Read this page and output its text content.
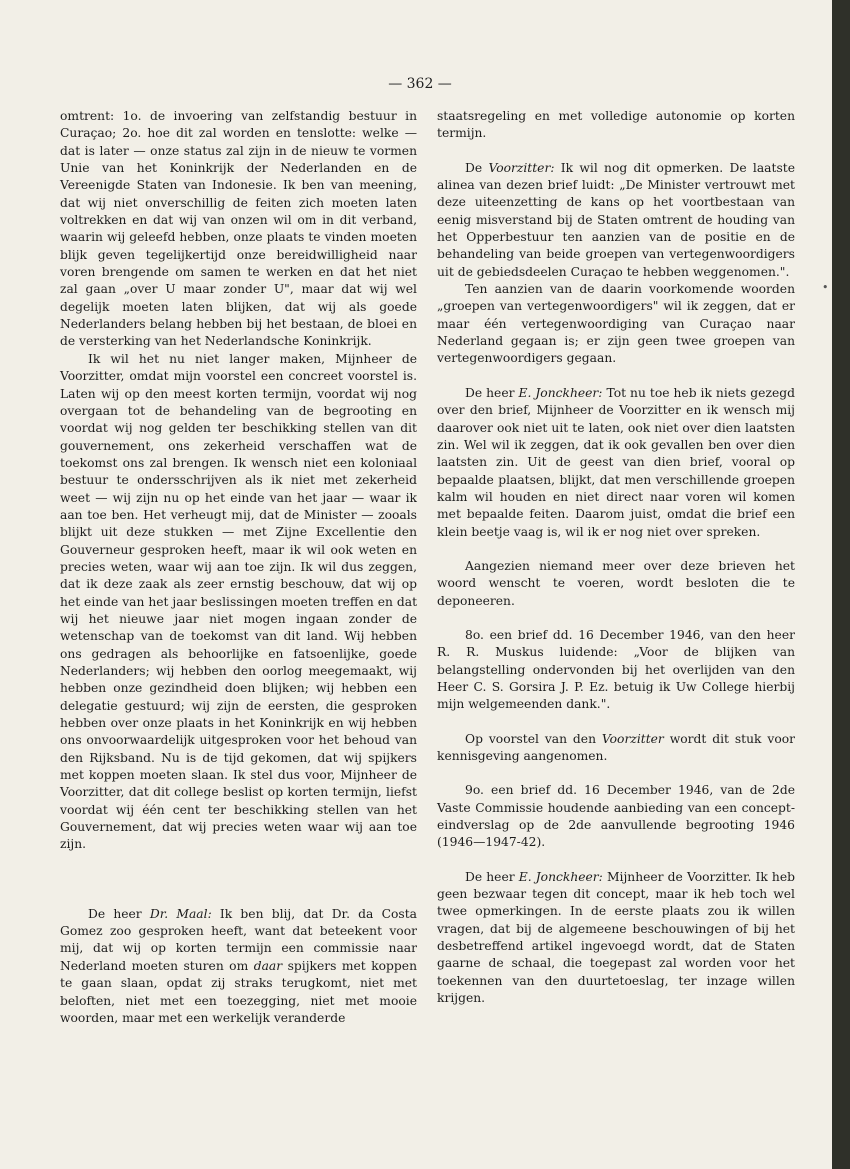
— 362 —

omtrent: 1o. de invoering van zelfstandig bestuur in Curaçao; 2o. hoe dit zal worden en tenslotte: welke — dat is later — onze status zal zijn in de nieuw te vormen Unie van het Koninkrijk der Nederlanden en de Vereenigde Staten van Indonesie. Ik ben van meening, dat wij niet onverschillig de feiten zich moeten laten voltrekken en dat wij van onzen wil om in dit verband, waarin wij geleefd hebben, onze plaats te vinden moeten blijk geven tegelijkertijd onze bereidwilligheid naar voren brengende om samen te werken en dat het niet zal gaan „over U maar zonder U", maar dat wij wel degelijk moeten laten blijken, dat wij als goede Nederlanders belang hebben bij het bestaan, de bloei en de versterking van het Nederlandsche Koninkrijk.

Ik wil het nu niet langer maken, Mijnheer de Voorzitter, omdat mijn voorstel een concreet voorstel is. Laten wij op den meest korten termijn, voordat wij nog overgaan tot de behandeling van de begrooting en voordat wij nog gelden ter beschikking stellen van dit gouvernement, ons zekerheid verschaffen wat de toekomst ons zal brengen. Ik wensch niet een koloniaal bestuur te ondersschrijven als ik niet met zekerheid weet — wij zijn nu op het einde van het jaar — waar ik aan toe ben. Het verheugt mij, dat de Minister — zooals blijkt uit deze stukken — met Zijne Excellentie den Gouverneur gesproken heeft, maar ik wil ook weten en precies weten, waar wij aan toe zijn. Ik wil dus zeggen, dat ik deze zaak als zeer ernstig beschouw, dat wij op het einde van het jaar beslissingen moeten treffen en dat wij het nieuwe jaar niet mogen ingaan zonder de wetenschap van de toekomst van dit land. Wij hebben ons gedragen als behoorlijke en fatsoenlijke, goede Nederlanders; wij hebben den oorlog meegemaakt, wij hebben onze gezindheid doen blijken; wij hebben een delegatie gestuurd; wij zijn de eersten, die gesproken hebben over onze plaats in het Koninkrijk en wij hebben ons onvoorwaardelijk uitgesproken voor het behoud van den Rijksband. Nu is de tijd gekomen, dat wij spijkers met koppen moeten slaan. Ik stel dus voor, Mijnheer de Voorzitter, dat dit college beslist op korten termijn, liefst voordat wij één cent ter beschikking stellen van het Gouvernement, dat wij precies weten waar wij aan toe zijn.

De heer Dr. Maal: Ik ben blij, dat Dr. da Costa Gomez zoo gesproken heeft, want dat beteekent voor mij, dat wij op korten termijn een commissie naar Nederland moeten sturen om daar spijkers met koppen te gaan slaan, opdat zij straks terugkomt, niet met beloften, niet met een toezegging, niet met mooie woorden, maar met een werkelijk veranderde

staatsregeling en met volledige autonomie op korten termijn.

De Voorzitter: Ik wil nog dit opmerken. De laatste alinea van dezen brief luidt: „De Minister vertrouwt met deze uiteenzetting de kans op het voortbestaan van eenig misverstand bij de Staten omtrent de houding van het Opperbestuur ten aanzien van de positie en de behandeling van beide groepen van vertegenwoordigers uit de gebiedsdeelen Curaçao te hebben weggenomen.".

Ten aanzien van de daarin voorkomende woorden „groepen van vertegenwoordigers" wil ik zeggen, dat er maar één vertegenwoordiging van Curaçao naar Nederland gegaan is; er zijn geen twee groepen van vertegenwoordigers gegaan.

De heer E. Jonckheer: Tot nu toe heb ik niets gezegd over den brief, Mijnheer de Voorzitter en ik wensch mij daarover ook niet uit te laten, ook niet over dien laatsten zin. Wel wil ik zeggen, dat ik ook gevallen ben over dien laatsten zin. Uit de geest van dien brief, vooral op bepaalde plaatsen, blijkt, dat men verschillende groepen kalm wil houden en niet direct naar voren wil komen met bepaalde feiten. Daarom juist, omdat die brief een klein beetje vaag is, wil ik er nog niet over spreken.

Aangezien niemand meer over deze brieven het woord wenscht te voeren, wordt besloten die te deponeeren.

8o. een brief dd. 16 December 1946, van den heer R. R. Muskus luidende: „Voor de blijken van belangstelling ondervonden bij het overlijden van den Heer C. S. Gorsira J. P. Ez. betuig ik Uw College hierbij mijn welgemeenden dank.".

Op voorstel van den Voorzitter wordt dit stuk voor kennisgeving aangenomen.

9o. een brief dd. 16 December 1946, van de 2de Vaste Commissie houdende aanbieding van een concept-eindverslag op de 2de aanvullende begrooting 1946 (1946—1947-42).

De heer E. Jonckheer: Mijnheer de Voorzitter. Ik heb geen bezwaar tegen dit concept, maar ik heb toch wel twee opmerkingen. In de eerste plaats zou ik willen vragen, dat bij de algemeene beschouwingen of bij het desbetreffend artikel ingevoegd wordt, dat de Staten gaarne de schaal, die toegepast zal worden voor het toekennen van den duurtetoeslag, ter inzage willen krijgen.

•
